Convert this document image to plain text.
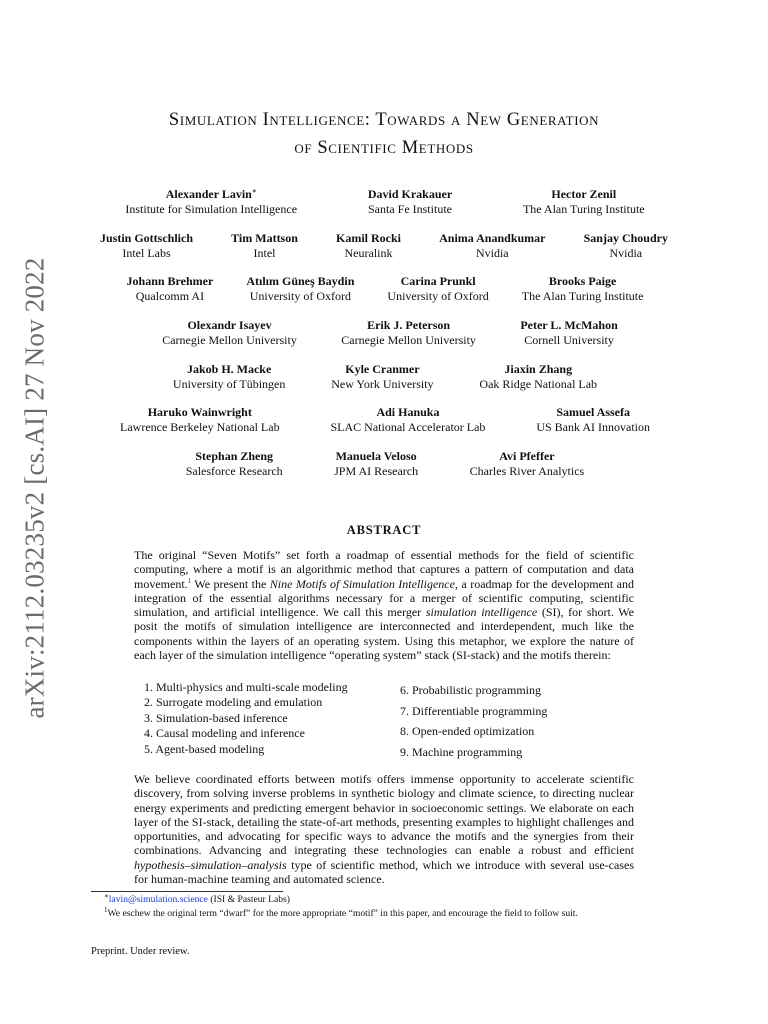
arXiv:2112.03235v2 [cs.AI] 27 Nov 2022
Simulation Intelligence: Towards a New Generation
of Scientific Methods
Alexander Lavin∗
Institute for Simulation Intelligence
David Krakauer
Santa Fe Institute
Hector Zenil
The Alan Turing Institute
Justin Gottschlich
Intel Labs
Tim Mattson
Intel
Kamil Rocki
Neuralink
Anima Anandkumar
Nvidia
Sanjay Choudry
Nvidia
Johann Brehmer
Qualcomm AI
Atılım Güneş Baydin
University of Oxford
Carina Prunkl
University of Oxford
Brooks Paige
The Alan Turing Institute
Olexandr Isayev
Carnegie Mellon University
Erik J. Peterson
Carnegie Mellon University
Peter L. McMahon
Cornell University
Jakob H. Macke
University of Tübingen
Kyle Cranmer
New York University
Jiaxin Zhang
Oak Ridge National Lab
Haruko Wainwright
Lawrence Berkeley National Lab
Adi Hanuka
SLAC National Accelerator Lab
Samuel Assefa
US Bank AI Innovation
Stephan Zheng
Salesforce Research
Manuela Veloso
JPM AI Research
Avi Pfeffer
Charles River Analytics
ABSTRACT
The original “Seven Motifs” set forth a roadmap of essential methods for the field of scientific computing, where a motif is an algorithmic method that captures a pattern of computation and data movement.$^1$ We present the Nine Motifs of Simulation Intelligence, a roadmap for the development and integration of the essential algorithms necessary for a merger of scientific computing, scientific simulation, and artificial intelligence. We call this merger simulation intelligence (SI), for short. We posit the motifs of simulation intelligence are interconnected and interdependent, much like the components within the layers of an operating system. Using this metaphor, we explore the nature of each layer of the simulation intelligence “operating system” stack (SI-stack) and the motifs therein:
1. Multi-physics and multi-scale modeling
2. Surrogate modeling and emulation
3. Simulation-based inference
4. Causal modeling and inference
5. Agent-based modeling
6. Probabilistic programming
7. Differentiable programming
8. Open-ended optimization
9. Machine programming
We believe coordinated efforts between motifs offers immense opportunity to accelerate scientific discovery, from solving inverse problems in synthetic biology and climate science, to directing nuclear energy experiments and predicting emergent behavior in socioeconomic settings. We elaborate on each layer of the SI-stack, detailing the state-of-art methods, presenting examples to highlight challenges and opportunities, and advocating for specific ways to advance the motifs and the synergies from their combinations. Advancing and integrating these technologies can enable a robust and efficient hypothesis–simulation–analysis type of scientific method, which we introduce with several use-cases for human-machine teaming and automated science.
∗lavin@simulation.science (ISI & Pasteur Labs)
$^1$We eschew the original term “dwarf” for the more appropriate “motif” in this paper, and encourage the field to follow suit.
Preprint. Under review.
